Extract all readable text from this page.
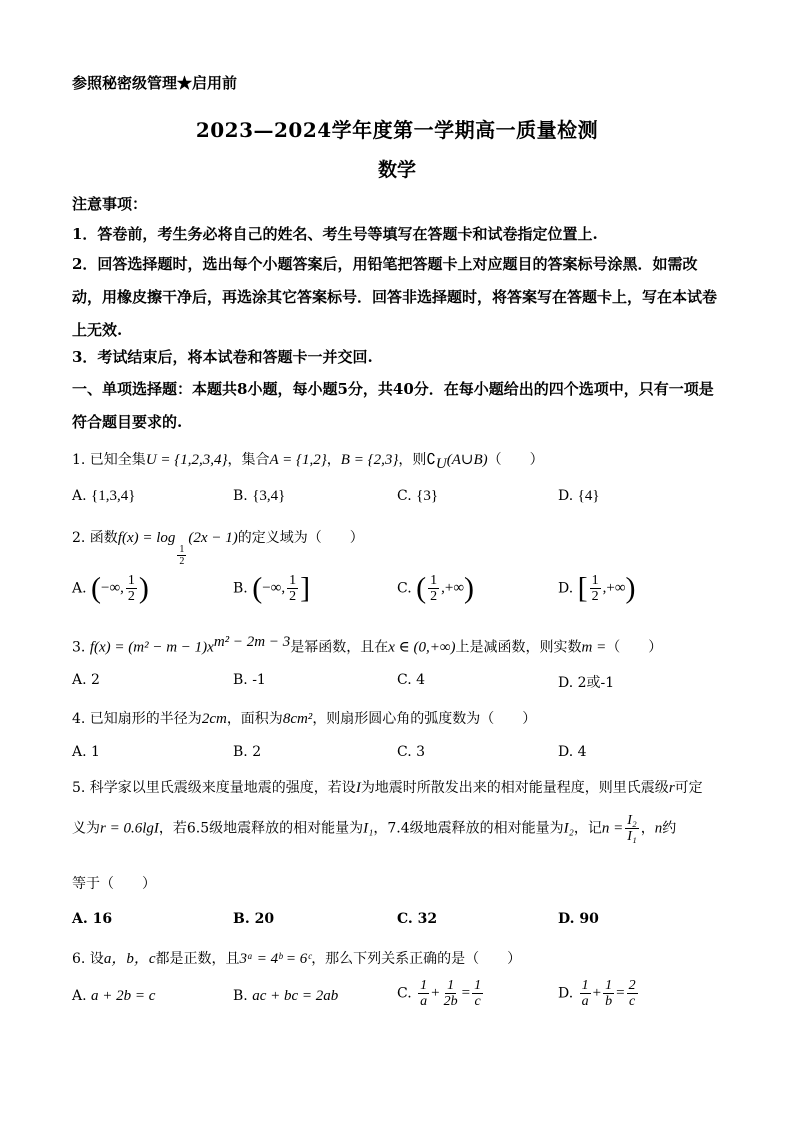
参照秘密级管理★启用前
2023—2024学年度第一学期高一质量检测
数学
注意事项：
1．答卷前，考生务必将自己的姓名、考生号等填写在答题卡和试卷指定位置上.
2．回答选择题时，选出每个小题答案后，用铅笔把答题卡上对应题目的答案标号涂黑．如需改动，用橡皮擦干净后，再选涂其它答案标号．回答非选择题时，将答案写在答题卡上，写在本试卷上无效.
3．考试结束后，将本试卷和答题卡一并交回.
一、单项选择题：本题共8小题，每小题5分，共40分．在每小题给出的四个选项中，只有一项是符合题目要求的.
1. 已知全集U = {1,2,3,4}，集合A = {1,2}，B = {2,3}，则$∁_U(A\cup B)$（　　）
A. {1,3,4}	B. {3,4}	C. {3}	D. {4}
2. 函数f(x) = log
$\frac{1}{2}$
(2x − 1)的定义域为（　　）
A. (−∞, $\frac{1}{2}$ )	B. (−∞, $\frac{1}{2}$ ]	C. ( $\frac{1}{2}$ ,+∞)	D. [ $\frac{1}{2}$ ,+∞)
3. $f(x) = (m^2 - m - 1)x^{m^2 - 2m - 3}$是幂函数，且在x ∈ (0,+∞)上是减函数，则实数m =（　　）
A. 2	B. -1	C. 4	D. 2或-1
4. 已知扇形的半径为2cm，面积为8cm²，则扇形圆心角的弧度数为（　　）
A. 1	B. 2	C. 3	D. 4
5. 科学家以里氏震级来度量地震的强度，若设I为地震时所散发出来的相对能量程度，则里氏震级r可定
义为r = 0.6lgI，若6.5级地震释放的相对能量为I₁，7.4级地震释放的相对能量为I₂，记$n = \frac{\text{I₂}}{\text{I₁}}$ ，n约
等于（　　）
A. 16	B. 20	C. 32	D. 90
6. 设a，b，c都是正数，且3ᵃ = 4ᵇ = 6ᶜ，那么下列关系正确的是（　　）
A. a + 2b = c	B. ac + bc = 2ab	C. $\frac{1}{a} + \frac{1}{2b} = \frac{1}{c}$	D. $\frac{1}{a} + \frac{1}{b} = \frac{2}{c}$
